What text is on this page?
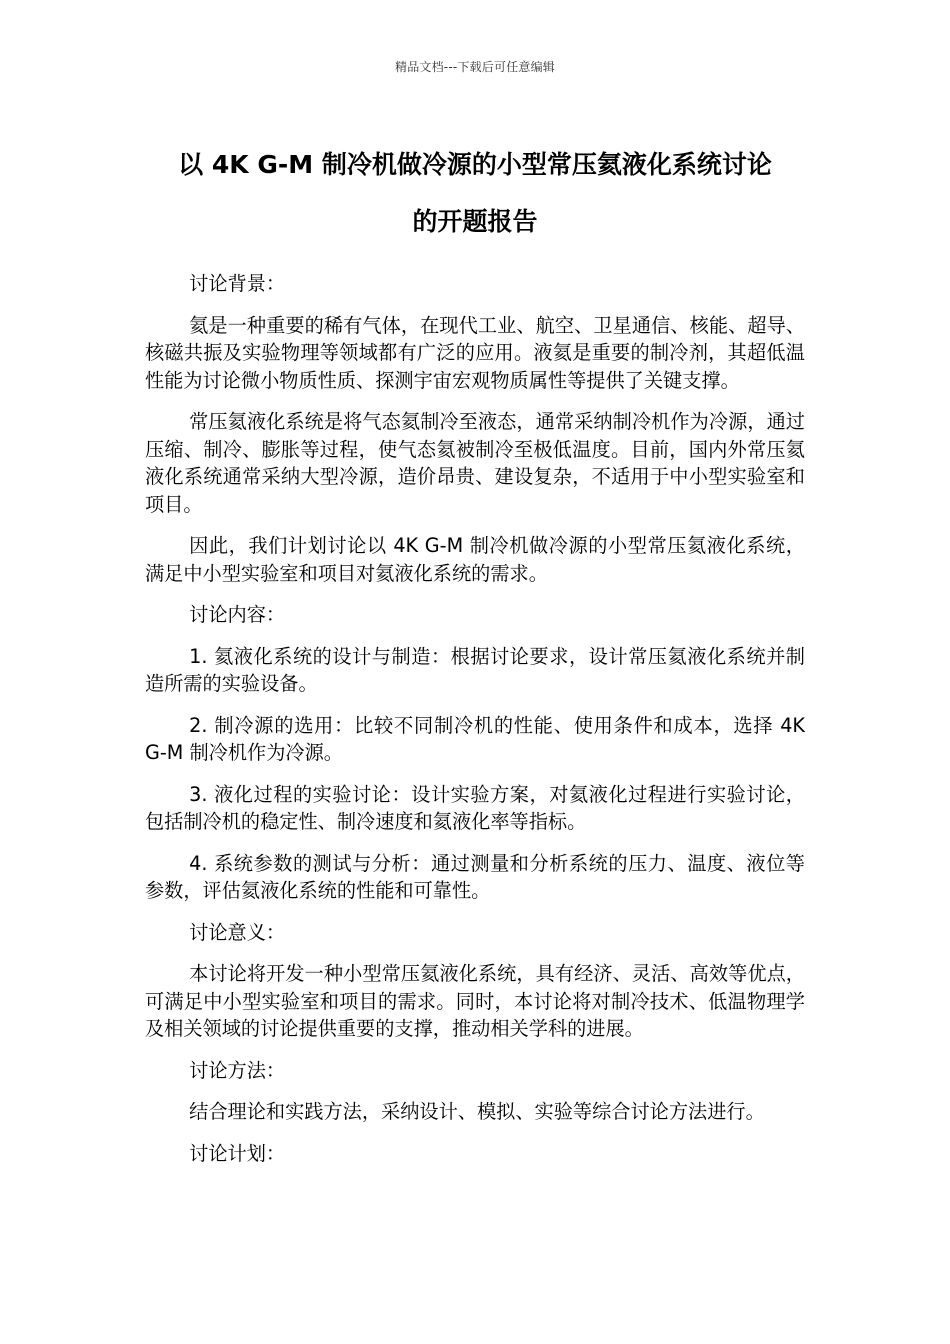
精品文档---下载后可任意编辑
以 4K G-M 制冷机做冷源的小型常压氦液化系统讨论
的开题报告

讨论背景：

氦是一种重要的稀有气体，在现代工业、航空、卫星通信、核能、超导、核磁共振及实验物理等领域都有广泛的应用。液氦是重要的制冷剂，其超低温性能为讨论微小物质性质、探测宇宙宏观物质属性等提供了关键支撑。

常压氦液化系统是将气态氦制冷至液态，通常采纳制冷机作为冷源，通过压缩、制冷、膨胀等过程，使气态氦被制冷至极低温度。目前，国内外常压氦液化系统通常采纳大型冷源，造价昂贵、建设复杂，不适用于中小型实验室和项目。

因此，我们计划讨论以 4K G-M 制冷机做冷源的小型常压氦液化系统，满足中小型实验室和项目对氦液化系统的需求。

讨论内容：

1. 氦液化系统的设计与制造：根据讨论要求，设计常压氦液化系统并制造所需的实验设备。

2. 制冷源的选用：比较不同制冷机的性能、使用条件和成本，选择 4K G-M 制冷机作为冷源。

3. 液化过程的实验讨论：设计实验方案，对氦液化过程进行实验讨论，包括制冷机的稳定性、制冷速度和氦液化率等指标。

4. 系统参数的测试与分析：通过测量和分析系统的压力、温度、液位等参数，评估氦液化系统的性能和可靠性。

讨论意义：

本讨论将开发一种小型常压氦液化系统，具有经济、灵活、高效等优点，可满足中小型实验室和项目的需求。同时，本讨论将对制冷技术、低温物理学及相关领域的讨论提供重要的支撑，推动相关学科的进展。

讨论方法：

结合理论和实践方法，采纳设计、模拟、实验等综合讨论方法进行。

讨论计划：
